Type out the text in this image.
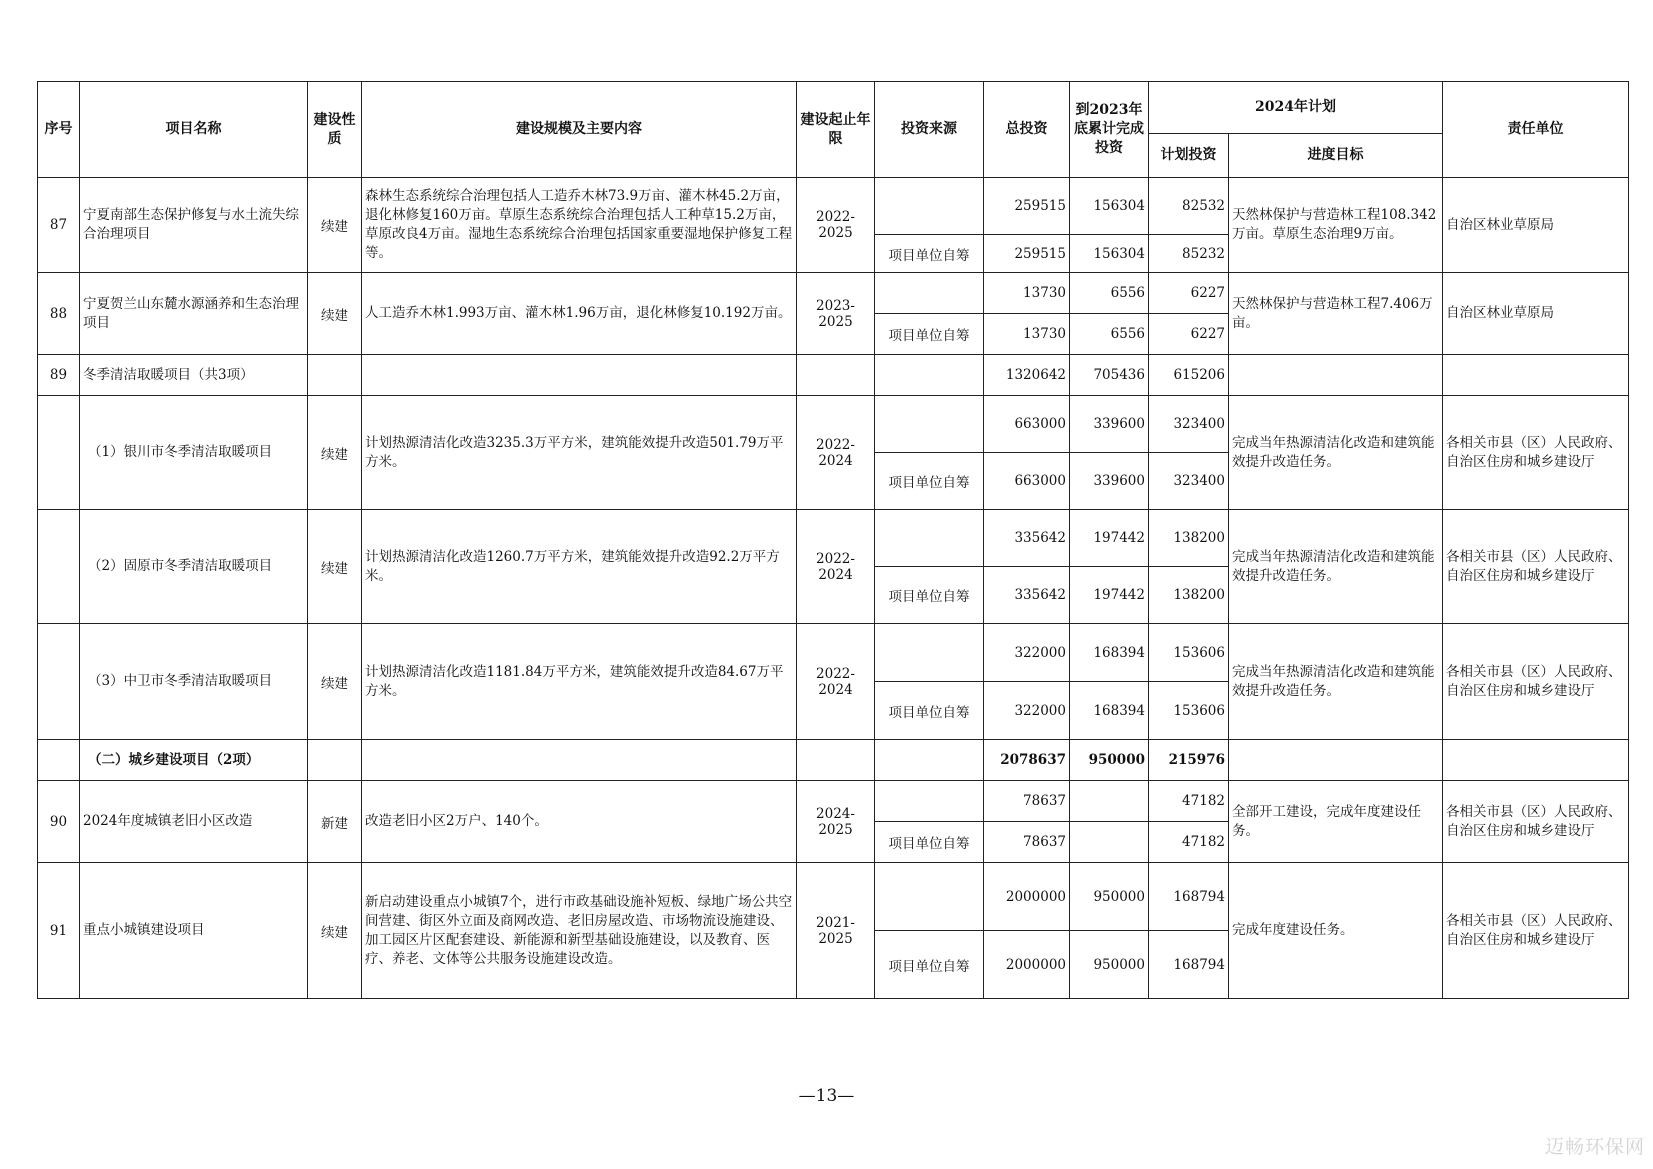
序号	项目名称	建设性质	建设规模及主要内容	建设起止年限	投资来源	总投资	到2023年底累计完成投资	2024年计划		责任单位
								计划投资	进度目标	
87	宁夏南部生态保护修复与水土流失综合治理项目	续建	森林生态系统综合治理包括人工造乔木林73.9万亩、灌木林45.2万亩，退化林修复160万亩。草原生态系统综合治理包括人工种草15.2万亩，草原改良4万亩。湿地生态系统综合治理包括国家重要湿地保护修复工程等。	2022-2025		259515	156304	82532	天然林保护与营造林工程108.342万亩。草原生态治理9万亩。	自治区林业草原局
					项目单位自筹	259515	156304	85232		
88	宁夏贺兰山东麓水源涵养和生态治理项目	续建	人工造乔木林1.993万亩、灌木林1.96万亩，退化林修复10.192万亩。	2023-2025		13730	6556	6227	天然林保护与营造林工程7.406万亩。	自治区林业草原局
					项目单位自筹	13730	6556	6227		
89	冬季清洁取暖项目（共3项）					1320642	705436	615206		
	（1）银川市冬季清洁取暖项目	续建	计划热源清洁化改造3235.3万平方米，建筑能效提升改造501.79万平方米。	2022-2024		663000	339600	323400	完成当年热源清洁化改造和建筑能效提升改造任务。	各相关市县（区）人民政府、自治区住房和城乡建设厅
					项目单位自筹	663000	339600	323400		
	（2）固原市冬季清洁取暖项目	续建	计划热源清洁化改造1260.7万平方米，建筑能效提升改造92.2万平方米。	2022-2024		335642	197442	138200	完成当年热源清洁化改造和建筑能效提升改造任务。	各相关市县（区）人民政府、自治区住房和城乡建设厅
					项目单位自筹	335642	197442	138200		
	（3）中卫市冬季清洁取暖项目	续建	计划热源清洁化改造1181.84万平方米，建筑能效提升改造84.67万平方米。	2022-2024		322000	168394	153606	完成当年热源清洁化改造和建筑能效提升改造任务。	各相关市县（区）人民政府、自治区住房和城乡建设厅
					项目单位自筹	322000	168394	153606		
	（二）城乡建设项目（2项）					2078637	950000	215976		
90	2024年度城镇老旧小区改造	新建	改造老旧小区2万户、140个。	2024-2025		78637		47182	全部开工建设，完成年度建设任务。	各相关市县（区）人民政府、自治区住房和城乡建设厅
					项目单位自筹	78637		47182		
91	重点小城镇建设项目	续建	新启动建设重点小城镇7个，进行市政基础设施补短板、绿地广场公共空间营建、街区外立面及商网改造、老旧房屋改造、市场物流设施建设、加工园区片区配套建设、新能源和新型基础设施建设，以及教育、医疗、养老、文体等公共服务设施建设改造。	2021-2025		2000000	950000	168794	完成年度建设任务。	各相关市县（区）人民政府、自治区住房和城乡建设厅
					项目单位自筹	2000000	950000	168794		
—13—
迈畅环保网
